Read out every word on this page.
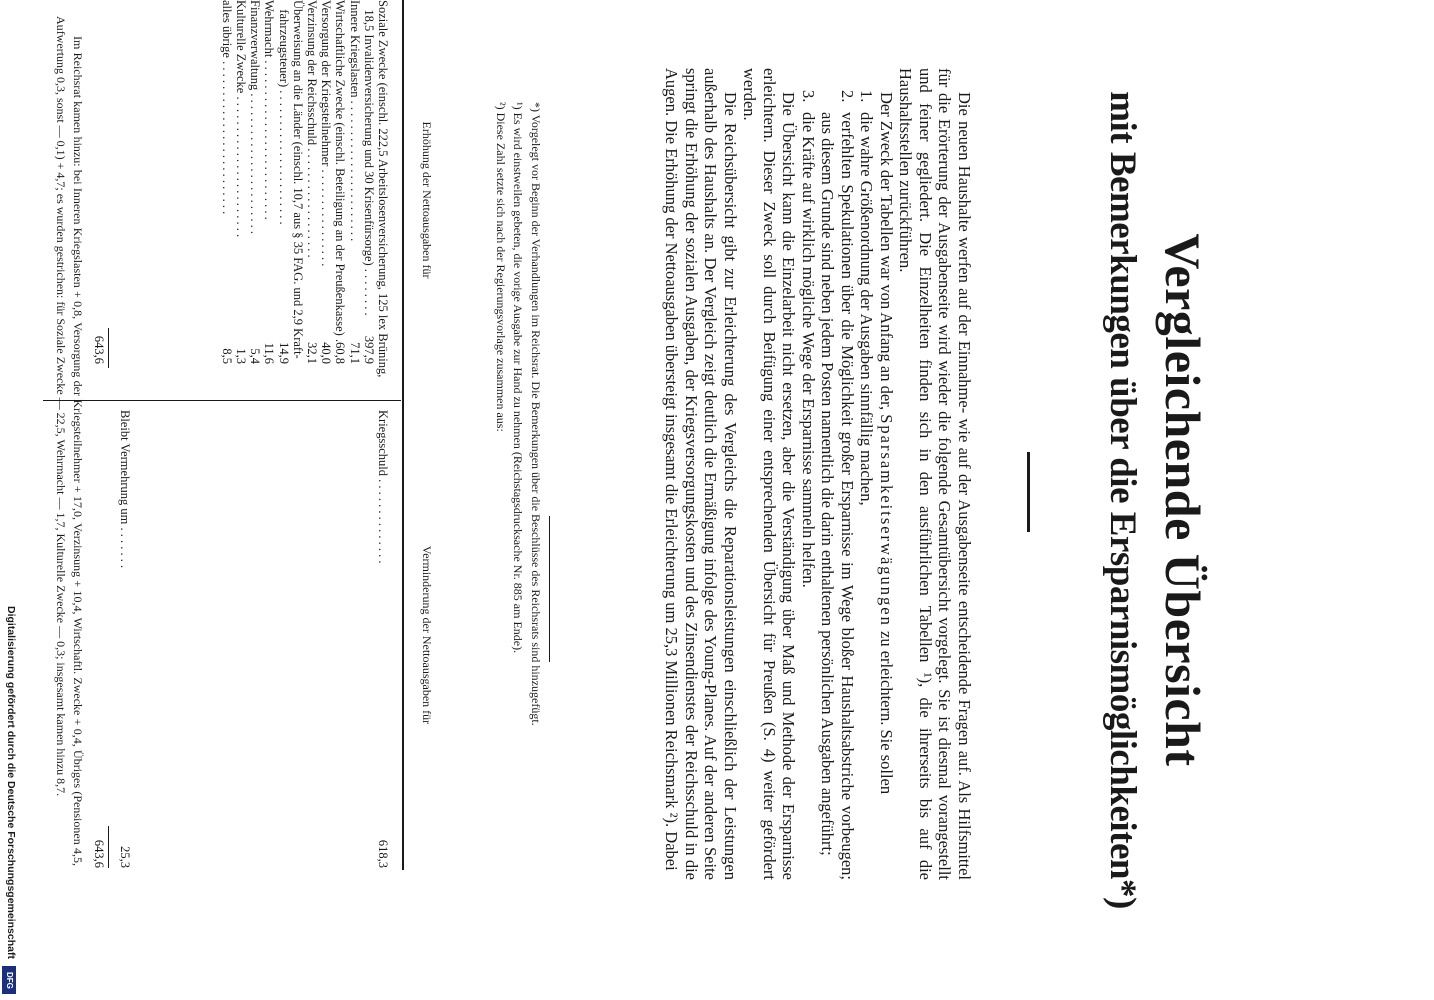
Vergleichende Übersicht
mit Bemerkungen über die Ersparnismöglichkeiten*)

Die neuen Haushalte werfen auf der Einnahme- wie auf der Ausgabenseite entscheidende Fragen auf. Als Hilfsmittel für die Erörterung der Ausgabenseite wird wieder die folgende Gesamtübersicht vorgelegt. Sie ist diesmal vorangestellt und feiner gegliedert. Die Einzelheiten finden sich in den ausführlichen Tabellen ¹), die ihrerseits bis auf die Haushaltsstellen zurückführen.

Der Zweck der Tabellen war von Anfang an der, Sparsamkeitserwägungen zu erleichtern. Sie sollen

1.die wahre Größenordnung der Ausgaben sinnfällig machen,

2.verfehlten Spekulationen über die Möglichkeit großer Ersparnisse im Wege bloßer Haushaltsabstriche vorbeugen; aus diesem Grunde sind neben jedem Posten namentlich die darin enthaltenen persönlichen Ausgaben angeführt;

3.die Kräfte auf wirklich mögliche Wege der Ersparnisse sammeln helfen.

Die Übersicht kann die Einzelarbeit nicht ersetzen, aber die Verständigung über Maß und Methode der Ersparnisse erleichtern. Dieser Zweck soll durch Beifügung einer entsprechenden Übersicht für Preußen (S. 4) weiter gefördert werden.

Die Reichsübersicht gibt zur Erleichterung des Vergleichs die Reparationsleistungen einschließlich der Leistungen außerhalb des Haushalts an. Der Vergleich zeigt deutlich die Ermäßigung infolge des Young-Planes. Auf der anderen Seite springt die Erhöhung der sozialen Ausgaben, der Kriegsversorgungskosten und des Zinsendienstes der Reichsschuld in die Augen. Die Erhöhung der Nettoausgaben übersteigt insgesamt die Erleichterung um 25,3 Millionen Reichsmark ²). Dabei

*) Vorgelegt vor Beginn der Verhandlungen im Reichsrat. Die Bemerkungen über die Beschlüsse des Reichsrats sind hinzugefügt.

¹) Es wird einstweilen gebeten, die vorige Ausgabe zur Hand zu nehmen (Reichstagsdrucksache Nr. 885 am Ende).

²) Diese Zahl setzte sich nach der Regierungsvorlage zusammen aus:

Erhöhung der Nettoausgaben für
Verminderung der Nettoausgaben für
Soziale Zwecke (einschl. 222,5 Arbeitslosenversicherung, 125 lex Brüning,
18,5 Invalidenversicherung und 30 Krisenfürsorge) . . . . . . . .
397,9
Innere Kriegslasten . . . . . . . . . . . . . . . . . . . . . . .
71,1
Wirtschaftliche Zwecke (einschl. Beteiligung an der Preußenkasse) .
60,8
Versorgung der Kriegsteilnehmer . . . . . . . . . . . . . . . .
40,0
Verzinsung der Reichsschuld . . . . . . . . . . . . . . . . . .
32,1
Überweisung an die Länder (einschl. 10,7 aus § 35 FAG. und 2,9 Kraft-
fahrzeugsteuer) . . . . . . . . . . . . . . . . . . . . . .
14,9
Wehrmacht . . . . . . . . . . . . . . . . . . . . . . . . . .
11,6
Finanzverwaltung . . . . . . . . . . . . . . . . . . . . . . .
5,4
Kulturelle Zwecke . . . . . . . . . . . . . . . . . . . . . . .
1,3
alles übrige . . . . . . . . . . . . . . . . . . . . . . . . .
8,5
643,6
Kriegsschuld . . . . . . . . . . . . . .
618,3
Bleibt Vermehrung um . . . . . . .
25,3
643,6
Im Reichsrat kamen hinzu: bei Inneren Kriegslasten + 0,8, Versorgung der Kriegsteilnehmer + 17,0, Verzinsung + 10,4, Wirtschaftl. Zwecke + 0,4, Übriges (Pensionen 4,5, Aufwertung 0,3, sonst — 0,1) + 4,7; es wurden gestrichen: für Soziale Zwecke — 22,5, Wehrmacht — 1,7, Kulturelle Zwecke — 0,3; insgesamt kamen hinzu 8,7.
Digitalisierung gefördert durch die Deutsche Forschungsgemeinschaft
DFG
